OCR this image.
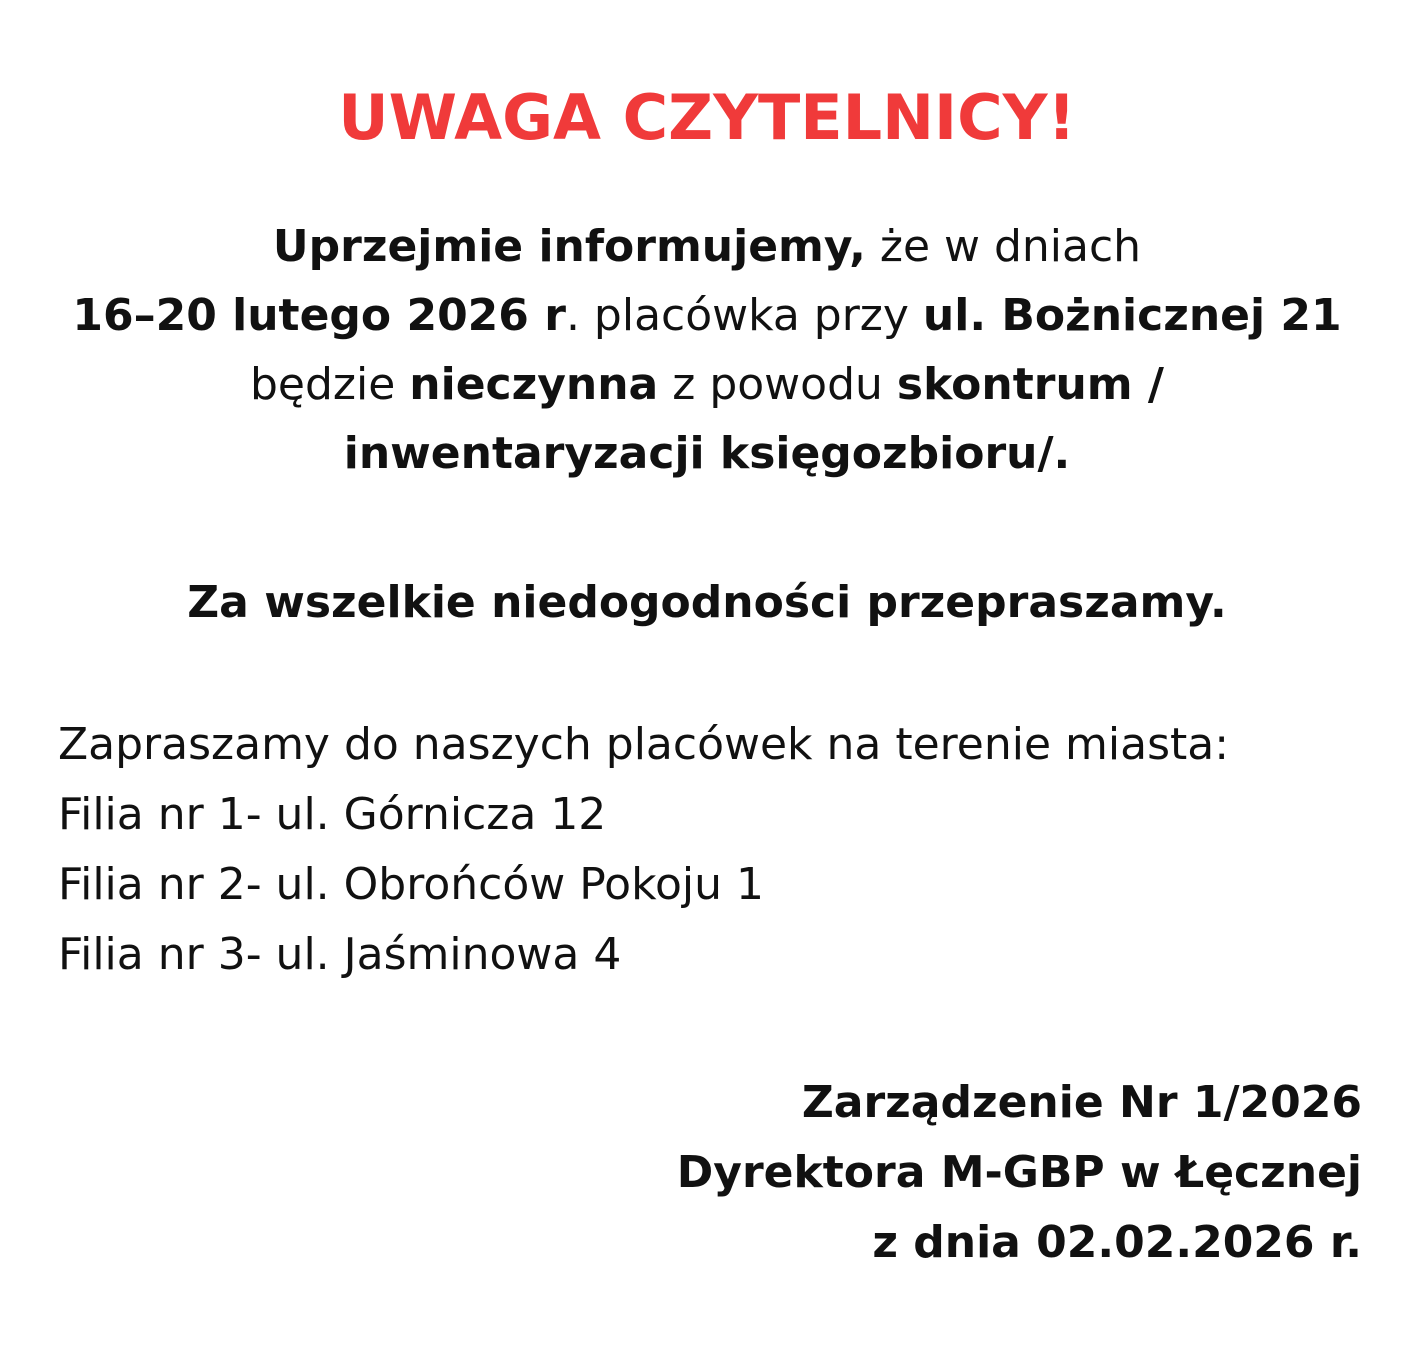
UWAGA CZYTELNICY!
Uprzejmie informujemy, że w dniach
16–20 lutego 2026 r. placówka przy ul. Bożnicznej 21
będzie nieczynna z powodu skontrum /
inwentaryzacji księgozbioru/.
Za wszelkie niedogodności przepraszamy.
Zapraszamy do naszych placówek na terenie miasta:
Filia nr 1- ul. Górnicza 12
Filia nr 2- ul. Obrońców Pokoju 1
Filia nr 3- ul. Jaśminowa 4
Zarządzenie Nr 1/2026
Dyrektora M-GBP w Łęcznej
z dnia 02.02.2026 r.
